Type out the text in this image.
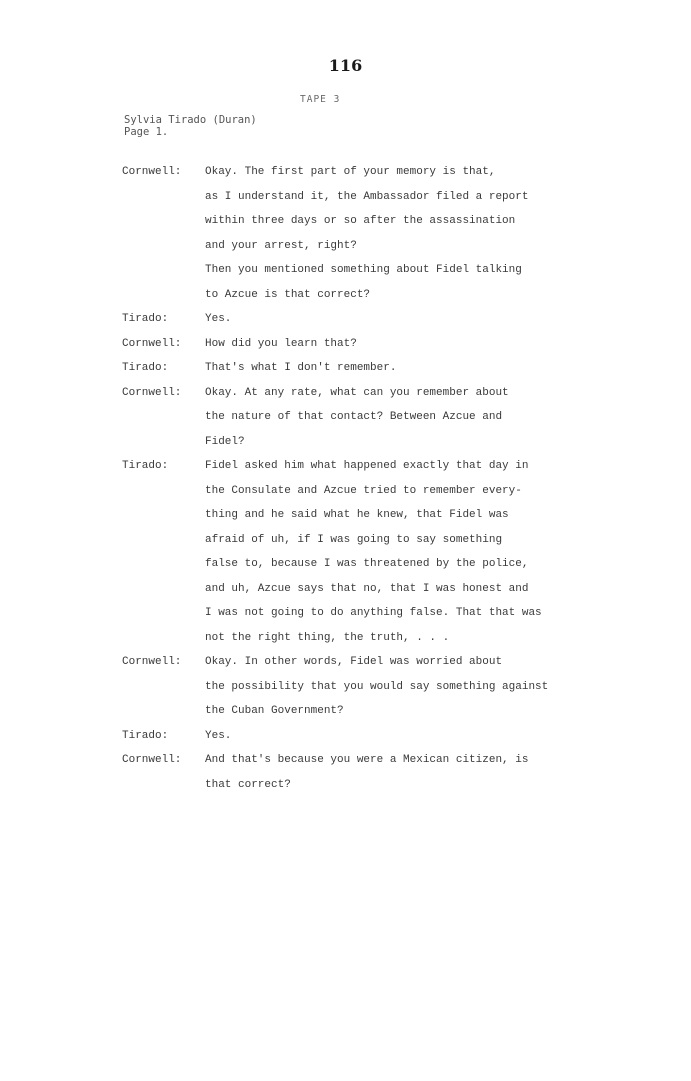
116
TAPE 3
Sylvia Tirado (Duran)
Page 1.
Cornwell: Okay. The first part of your memory is that,
as I understand it, the Ambassador filed a report
within three days or so after the assassination
and your arrest, right?
Then you mentioned something about Fidel talking
to Azcue is that correct?
Tirado:	Yes.
Cornwell: How did you learn that?
Tirado:	That's what I don't remember.
Cornwell: Okay. At any rate, what can you remember about
the nature of that contact? Between Azcue and
Fidel?
Tirado:	Fidel asked him what happened exactly that day in
the Consulate and Azcue tried to remember every-
thing and he said what he knew, that Fidel was
afraid of uh, if I was going to say something
false to, because I was threatened by the police,
and uh, Azcue says that no, that I was honest and
I was not going to do anything false. That that was
not the right thing, the truth, . . .
Cornwell: Okay. In other words, Fidel was worried about
the possibility that you would say something against
the Cuban Government?
Tirado:	Yes.
Cornwell: And that's because you were a Mexican citizen, is
that correct?
